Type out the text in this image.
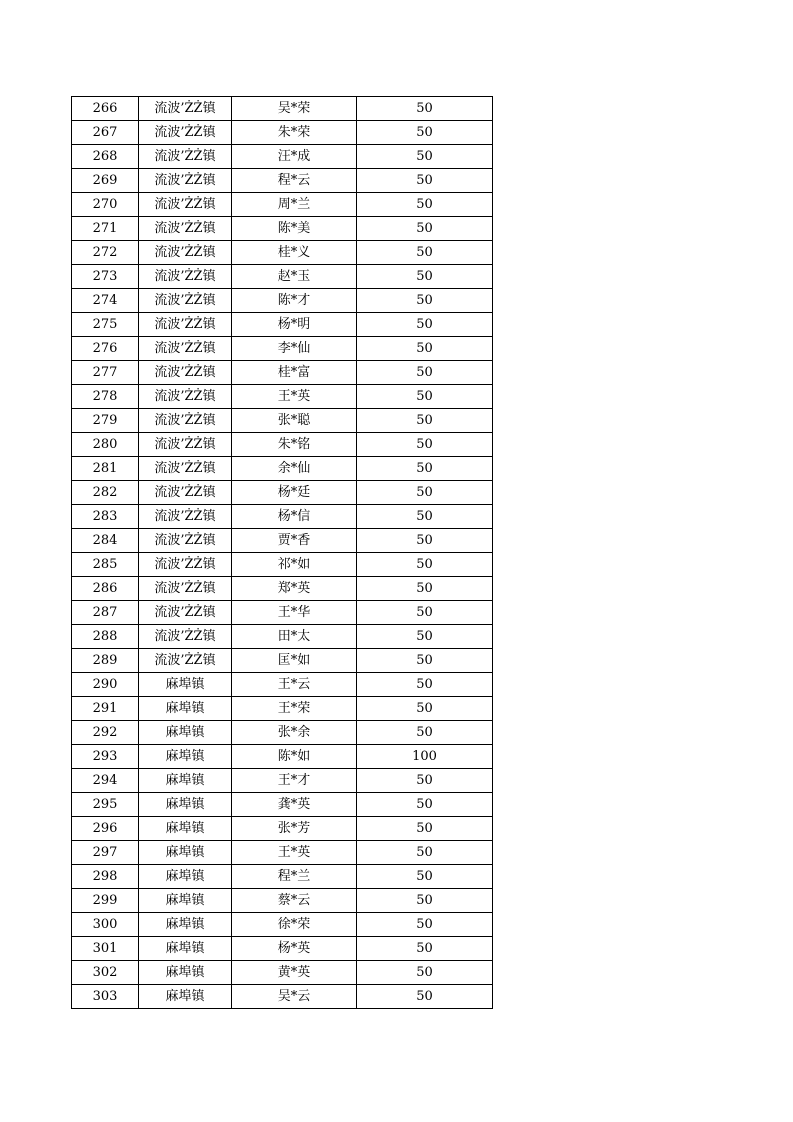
266	流波’ŻŻ镇	吴*荣	50
267	流波’ŻŻ镇	朱*荣	50
268	流波’ŻŻ镇	汪*成	50
269	流波’ŻŻ镇	程*云	50
270	流波’ŻŻ镇	周*兰	50
271	流波’ŻŻ镇	陈*美	50
272	流波’ŻŻ镇	桂*义	50
273	流波’ŻŻ镇	赵*玉	50
274	流波’ŻŻ镇	陈*才	50
275	流波’ŻŻ镇	杨*明	50
276	流波’ŻŻ镇	李*仙	50
277	流波’ŻŻ镇	桂*富	50
278	流波’ŻŻ镇	王*英	50
279	流波’ŻŻ镇	张*聪	50
280	流波’ŻŻ镇	朱*铭	50
281	流波’ŻŻ镇	余*仙	50
282	流波’ŻŻ镇	杨*廷	50
283	流波’ŻŻ镇	杨*信	50
284	流波’ŻŻ镇	贾*香	50
285	流波’ŻŻ镇	祁*如	50
286	流波’ŻŻ镇	郑*英	50
287	流波’ŻŻ镇	王*华	50
288	流波’ŻŻ镇	田*太	50
289	流波’ŻŻ镇	匡*如	50
290	麻埠镇	王*云	50
291	麻埠镇	王*荣	50
292	麻埠镇	张*余	50
293	麻埠镇	陈*如	100
294	麻埠镇	王*才	50
295	麻埠镇	龚*英	50
296	麻埠镇	张*芳	50
297	麻埠镇	王*英	50
298	麻埠镇	程*兰	50
299	麻埠镇	蔡*云	50
300	麻埠镇	徐*荣	50
301	麻埠镇	杨*英	50
302	麻埠镇	黄*英	50
303	麻埠镇	吴*云	50
